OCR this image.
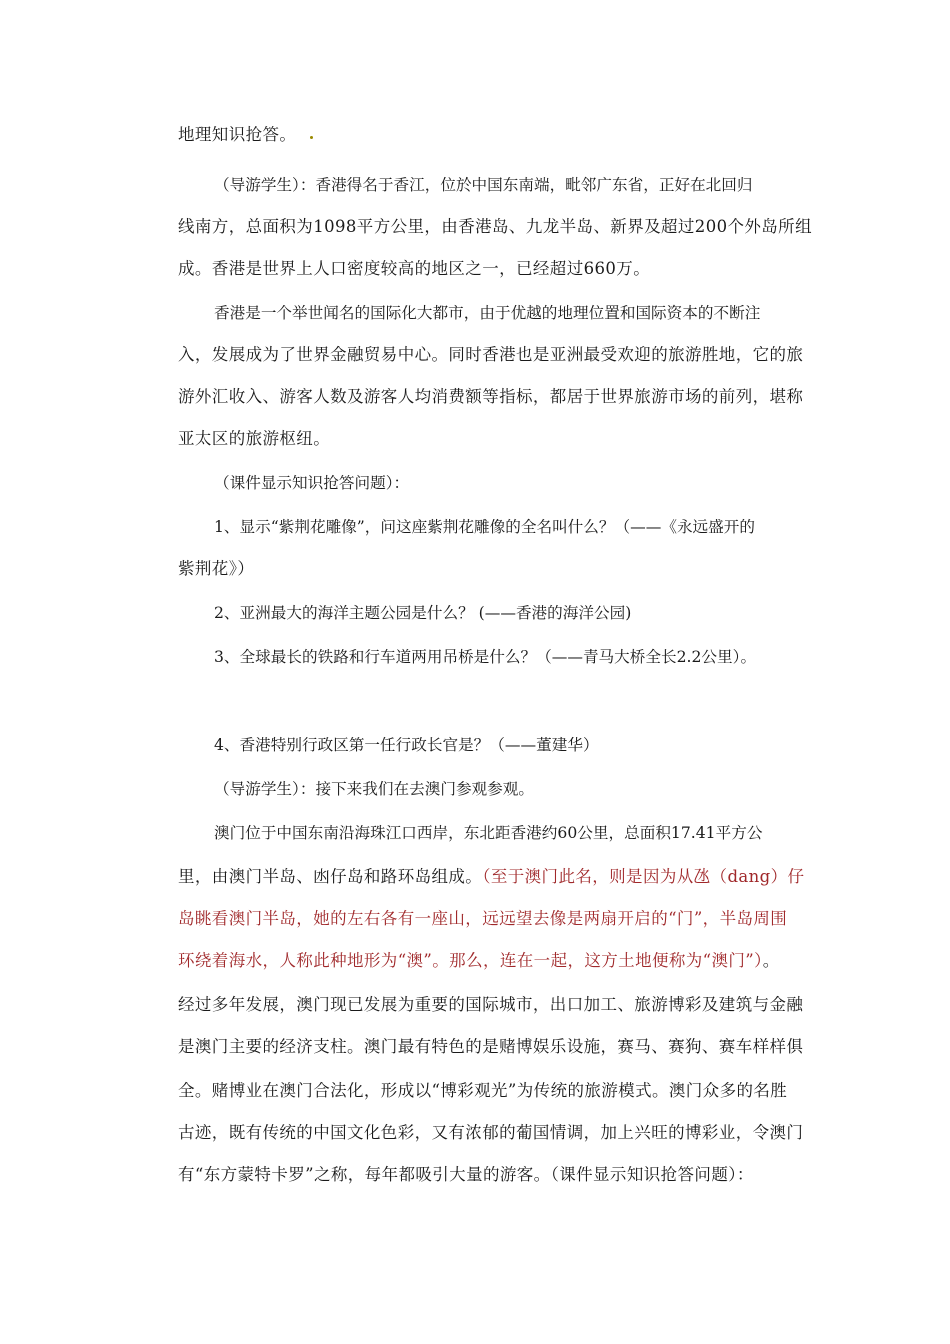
地理知识抢答。
（导游学生）：香港得名于香江，位於中国东南端，毗邻广东省，正好在北回归
线南方，总面积为1098平方公里，由香港岛、九龙半岛、新界及超过200个外岛所组
成。香港是世界上人口密度较高的地区之一，已经超过660万。
香港是一个举世闻名的国际化大都市，由于优越的地理位置和国际资本的不断注
入，发展成为了世界金融贸易中心。同时香港也是亚洲最受欢迎的旅游胜地，它的旅
游外汇收入、游客人数及游客人均消费额等指标，都居于世界旅游市场的前列，堪称
亚太区的旅游枢纽。
（课件显示知识抢答问题）：
1、显示“紫荆花雕像”，问这座紫荆花雕像的全名叫什么？（——《永远盛开的
紫荆花》）
2、亚洲最大的海洋主题公园是什么？ (——香港的海洋公园)
3、全球最长的铁路和行车道两用吊桥是什么？（——青马大桥全长2.2公里）。
4、香港特别行政区第一任行政长官是？（——董建华）
（导游学生）：接下来我们在去澳门参观参观。
澳门位于中国东南沿海珠江口西岸，东北距香港约60公里，总面积17.41平方公
里，由澳门半岛、凼仔岛和路环岛组成。（至于澳门此名，则是因为从氹（dang）仔
岛眺看澳门半岛，她的左右各有一座山，远远望去像是两扇开启的“门”，半岛周围
环绕着海水，人称此种地形为“澳”。那么，连在一起，这方土地便称为“澳门”）。
经过多年发展，澳门现已发展为重要的国际城市，出口加工、旅游博彩及建筑与金融
是澳门主要的经济支柱。澳门最有特色的是赌博娱乐设施，赛马、赛狗、赛车样样俱
全。赌博业在澳门合法化，形成以“博彩观光”为传统的旅游模式。澳门众多的名胜
古迹，既有传统的中国文化色彩，又有浓郁的葡国情调，加上兴旺的博彩业，令澳门
有“东方蒙特卡罗”之称，每年都吸引大量的游客。（课件显示知识抢答问题）：
